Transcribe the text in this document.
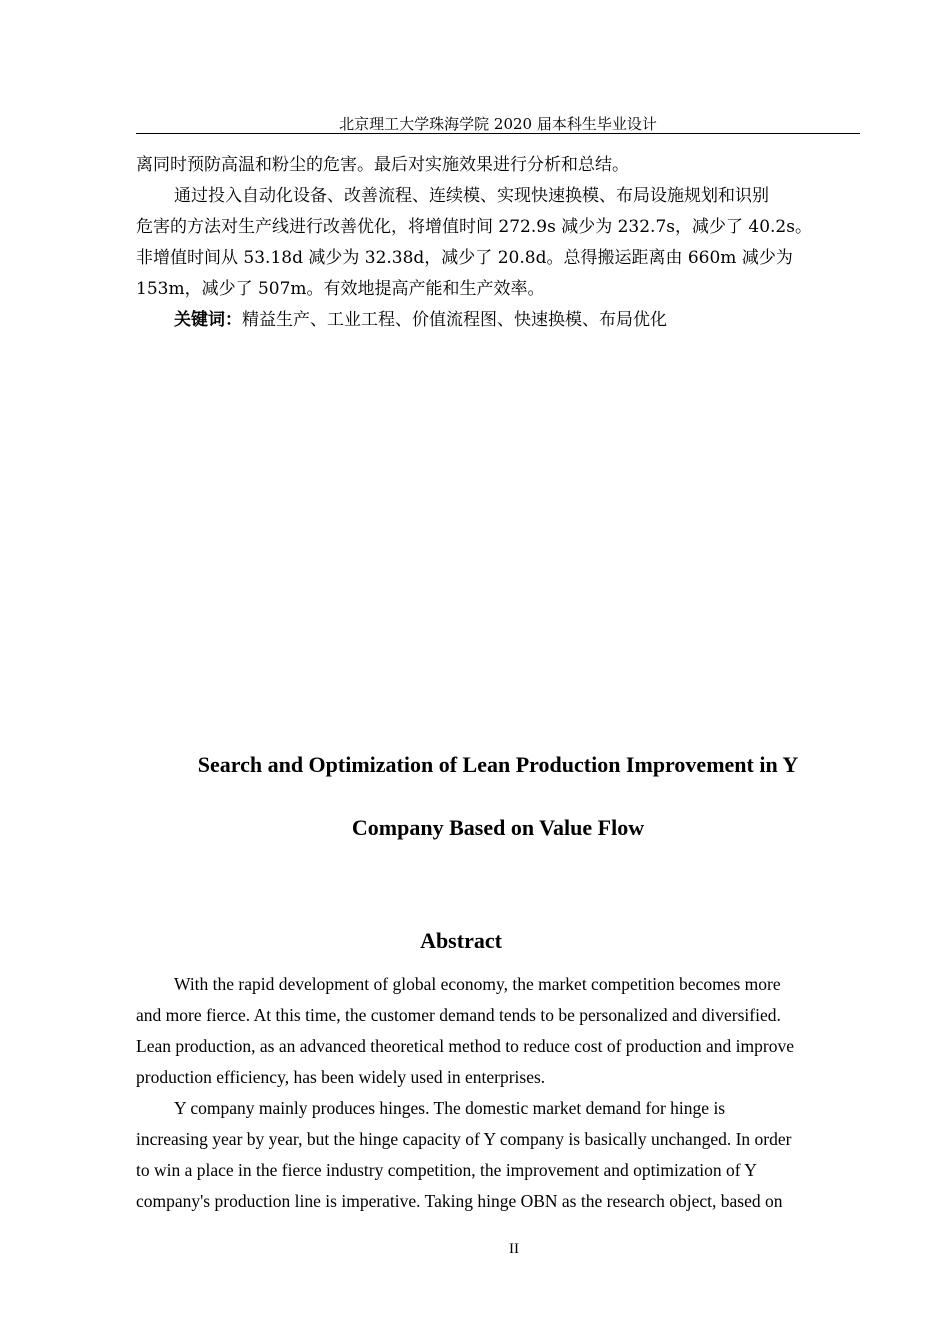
北京理工大学珠海学院 2020 届本科生毕业设计

离同时预防高温和粉尘的危害。最后对实施效果进行分析和总结。

通过投入自动化设备、改善流程、连续模、实现快速换模、布局设施规划和识别
危害的方法对生产线进行改善优化，将增值时间 272.9s 减少为 232.7s，减少了 40.2s。
非增值时间从 53.18d 减少为 32.38d，减少了 20.8d。总得搬运距离由 660m 减少为
153m，减少了 507m。有效地提高产能和生产效率。

关键词：精益生产、工业工程、价值流程图、快速换模、布局优化

Search and Optimization of Lean Production Improvement in Y
Company Based on Value Flow
Abstract

With the rapid development of global economy, the market competition becomes more
and more fierce. At this time, the customer demand tends to be personalized and diversified.
Lean production, as an advanced theoretical method to reduce cost of production and improve
production efficiency, has been widely used in enterprises.

Y company mainly produces hinges. The domestic market demand for hinge is
increasing year by year, but the hinge capacity of Y company is basically unchanged. In order
to win a place in the fierce industry competition, the improvement and optimization of Y
company's production line is imperative. Taking hinge OBN as the research object, based on

II
